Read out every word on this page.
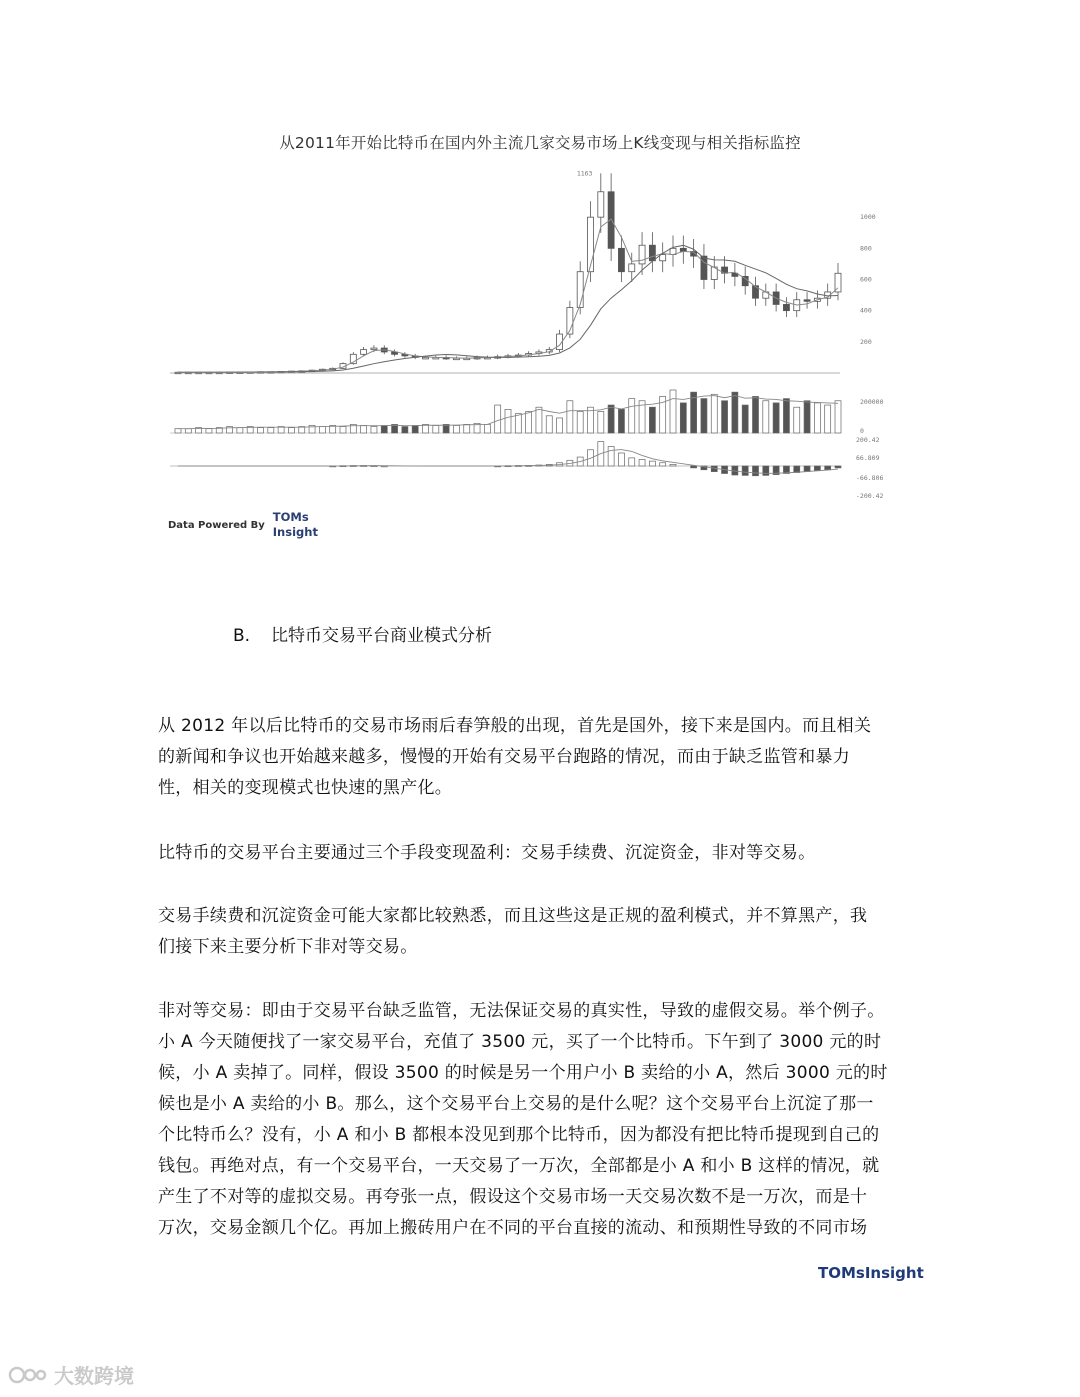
从2011年开始比特币在国内外主流几家交易市场上K线变现与相关指标监控
1000
800
600
400
200
200000
0
200.42
66.809
-66.806
-200.42
1163
Data Powered By
TOMs
Insight
B. 比特币交易平台商业模式分析

从 2012 年以后比特币的交易市场雨后春笋般的出现，首先是国外，接下来是国内。而且相关
的新闻和争议也开始越来越多，慢慢的开始有交易平台跑路的情况，而由于缺乏监管和暴力
性，相关的变现模式也快速的黑产化。

比特币的交易平台主要通过三个手段变现盈利：交易手续费、沉淀资金，非对等交易。

交易手续费和沉淀资金可能大家都比较熟悉，而且这些这是正规的盈利模式，并不算黑产，我
们接下来主要分析下非对等交易。

非对等交易：即由于交易平台缺乏监管，无法保证交易的真实性，导致的虚假交易。举个例子。
小 A 今天随便找了一家交易平台，充值了 3500 元，买了一个比特币。下午到了 3000 元的时
候，小 A 卖掉了。同样，假设 3500 的时候是另一个用户小 B 卖给的小 A，然后 3000 元的时
候也是小 A 卖给的小 B。那么，这个交易平台上交易的是什么呢？这个交易平台上沉淀了那一
个比特币么？没有，小 A 和小 B 都根本没见到那个比特币，因为都没有把比特币提现到自己的
钱包。再绝对点，有一个交易平台，一天交易了一万次，全部都是小 A 和小 B 这样的情况，就
产生了不对等的虚拟交易。再夸张一点，假设这个交易市场一天交易次数不是一万次，而是十
万次，交易金额几个亿。再加上搬砖用户在不同的平台直接的流动、和预期性导致的不同市场

TOMsInsight
大数跨境
